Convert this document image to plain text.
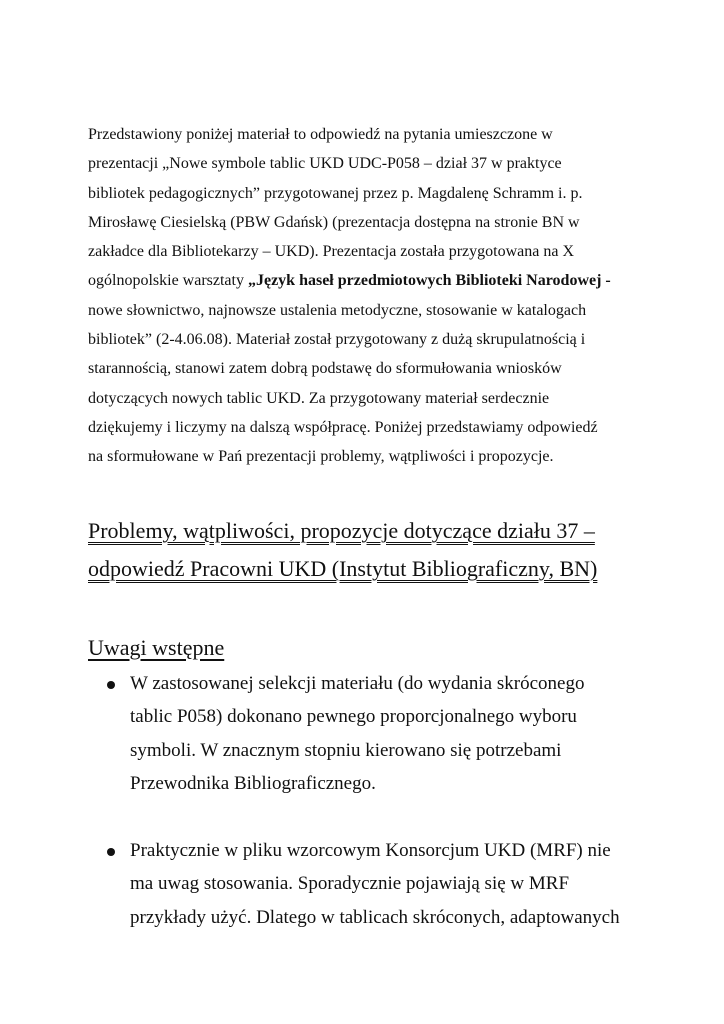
Przedstawiony poniżej materiał to odpowiedź na pytania umieszczone w
prezentacji „Nowe symbole tablic UKD UDC-P058 – dział 37 w praktyce
bibliotek pedagogicznych” przygotowanej przez p. Magdalenę Schramm i. p.
Mirosławę Ciesielską (PBW Gdańsk) (prezentacja dostępna na stronie BN w
zakładce dla Bibliotekarzy – UKD). Prezentacja została przygotowana na X
ogólnopolskie warsztaty „Język haseł przedmiotowych Biblioteki Narodowej -
nowe słownictwo, najnowsze ustalenia metodyczne, stosowanie w katalogach
bibliotek” (2-4.06.08). Materiał został przygotowany z dużą skrupulatnością i
starannością, stanowi zatem dobrą podstawę do sformułowania wniosków
dotyczących nowych tablic UKD. Za przygotowany materiał serdecznie
dziękujemy i liczymy na dalszą współpracę. Poniżej przedstawiamy odpowiedź
na sformułowane w Pań prezentacji problemy, wątpliwości i propozycje.

Problemy, wątpliwości, propozycje dotyczące działu 37 –
odpowiedź Pracowni UKD (Instytut Bibliograficzny, BN)
Uwagi wstępne
W zastosowanej selekcji materiału (do wydania skróconego
tablic P058) dokonano pewnego proporcjonalnego wyboru
symboli. W znacznym stopniu kierowano się potrzebami
Przewodnika Bibliograficznego.
Praktycznie w pliku wzorcowym Konsorcjum UKD (MRF) nie
ma uwag stosowania. Sporadycznie pojawiają się w MRF
przykłady użyć. Dlatego w tablicach skróconych, adaptowanych
